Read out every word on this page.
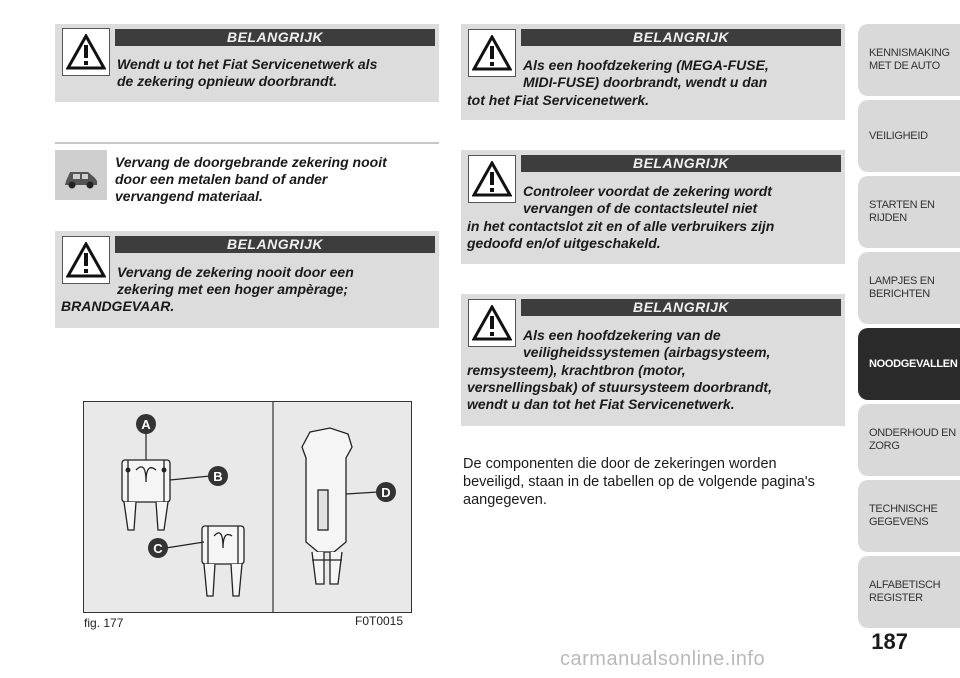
BELANGRIJK
Wendt u tot het Fiat Servicenetwerk als
de zekering opnieuw doorbrandt.
Vervang de doorgebrande zekering nooit
door een metalen band of ander
vervangend materiaal.
BELANGRIJK
Vervang de zekering nooit door een
zekering met een hoger ampèrage;
BRANDGEVAAR.
BELANGRIJK
Als een hoofdzekering (MEGA-FUSE,
MIDI-FUSE) doorbrandt, wendt u dan
tot het Fiat Servicenetwerk.
BELANGRIJK
Controleer voordat de zekering wordt
vervangen of de contactsleutel niet
in het contactslot zit en of alle verbruikers zijn
gedoofd en/of uitgeschakeld.
BELANGRIJK
Als een hoofdzekering van de
veiligheidssystemen (airbagsysteem,
remsysteem), krachtbron (motor,
versnellingsbak) of stuursysteem doorbrandt,
wendt u dan tot het Fiat Servicenetwerk.
De componenten die door de zekeringen worden
beveiligd, staan in de tabellen op de volgende pagina's
aangegeven.
A
B
C
D
fig. 177	F0T0015
KENNISMAKING
MET DE AUTO
VEILIGHEID
STARTEN EN RIJDEN
LAMPJES EN
BERICHTEN
NOODGEVALLEN
ONDERHOUD EN
ZORG
TECHNISCHE
GEGEVENS
ALFABETISCH
REGISTER
187
carmanualsonline.info
